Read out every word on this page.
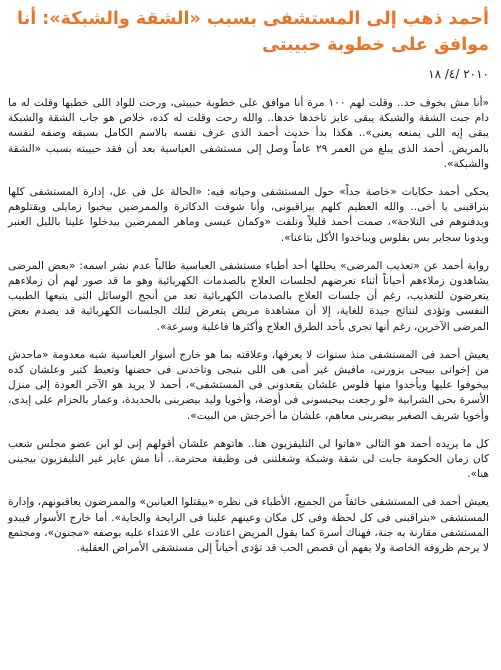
أحمد ذهب إلى المستشفى بسبب «الشقة والشبكة»: أنا موافق على خطوبة حبيبتى
٢٠١٠ /٤/ ١٨

«أنا مش بخوف حد.. وقلت لهم ١٠٠ مرة أنا موافق على خطوبة حبيبتى، ورحت للواد اللى خطبها وقلت له ما دام جبت الشقة والشبكة يبقى عايز تاخدها خدها.. والله رحت وقلت له كده، خلاص هو جاب الشقة والشبكة يبقى إيه اللى يمنعه يعنى».. هكذا بدأ حديث أحمد الذى عرف نفسه بالاسم الكامل بسبقه وصفه لنفسه بالمريض. أحمد الذى يبلغ من العمر ٢٩ عاماً وصل إلى مستشفى العباسية بعد أن فقد حبيبته بسبب «الشقة والشبكة».

يحكى أحمد حكايات «خاصة جداً» حول المستشفى وحياته فيه: «الحالة عل فى عل، إدارة المستشفى كلها بتراقبنى يا أخى.. والله العظيم كلهم بيراقبونى، وأنا شوفت الدكاترة والممرضين بيخبوا زمايلى ويقتلوهم ويدفنوهم فى التلاجة»، صمت أحمد قليلاً وتلفت «وكمان عيسى وماهر الممرضين بيدخلوا علينا بالليل العنبر ويدونا سجاير بس بفلوس ويباخدوا الأكل بتاعنا».

رواية أحمد عن «تعذيب المرضى» يحللها أحد أطباء مستشفى العباسية طالباً عدم نشر اسمه: «بعض المرضى يشاهدون زملاءهم أحياناً أثناء تعرضهم لجلسات العلاج بالصدمات الكهربائية وهو ما قد صور لهم أن زملاءهم يتعرضون للتعذيب، رغم أن جلسات العلاج بالصدمات الكهربائية تعد من أنجح الوسائل التى يتبعها الطبيب النفسى وتؤدى لنتائج جيدة للغاية، إلا أن مشاهدة مريض يتعرض لتلك الجلسات الكهربائية قد يصدم بعض المرضى الآخرين، رغم أنها تجرى بأحد الطرق العلاج وأكثرها فاعلية وسرعة».

يعيش أحمد فى المستشفى منذ سنوات لا يعرفها، وعلاقته بما هو خارج أسوار العباسية شبه معدومة «ماحدش من إخواتى بييجى يزورنى، مافيش غير أمى هى اللى بتيجى وتاخدنى فى حضنها وتعيط كتير وعلشان كده بيخوفوا عليها ويأخدوا منها فلوس علشان يقعدونى فى المستشفى»، أحمد لا يريد هو الآخر العودة إلى منزل الأسرة بحى الشرابية «لو رجعت بيحبسونى فى أوضة، وأخويا وليد بيضربنى بالحديدة، وعمار بالحزام على إيدى، وأخويا شريف الصغير بيضربنى معاهم، علشان ما أخرجش من البيت».

كل ما يريده أحمد هو التالى «هاتوا لى التليفزيون هنا.. هاتوهم علشان أقولهم إنى لو ابن عضو مجلس شعب كان زمان الحكومة جابت لى شقة وشبكة وشغلتنى فى وظيفة محترمة.. أنا مش عايز غير التليفزيون بيجينى هنا».

يعيش أحمد فى المستشفى خائفاً من الجميع، الأطباء فى نظره «بيقتلوا العيانين» والممرضون يعاقبونهم، وإدارة المستشفى «بتراقبنى فى كل لحظة وفى كل مكان وعينهم علينا فى الرايحة والجاية». أما خارج الأسوار فيبدو المستشفى مقارنة به جنة، فهناك أسرة كما يقول المريض اعتادت على الاعتداء عليه بوصفه «مجنون»، ومجتمع لا يرحم ظروفه الخاصة ولا يفهم أن قصص الحب قد تؤدى أحياناً إلى مستشفى الأمراض العقلية.
